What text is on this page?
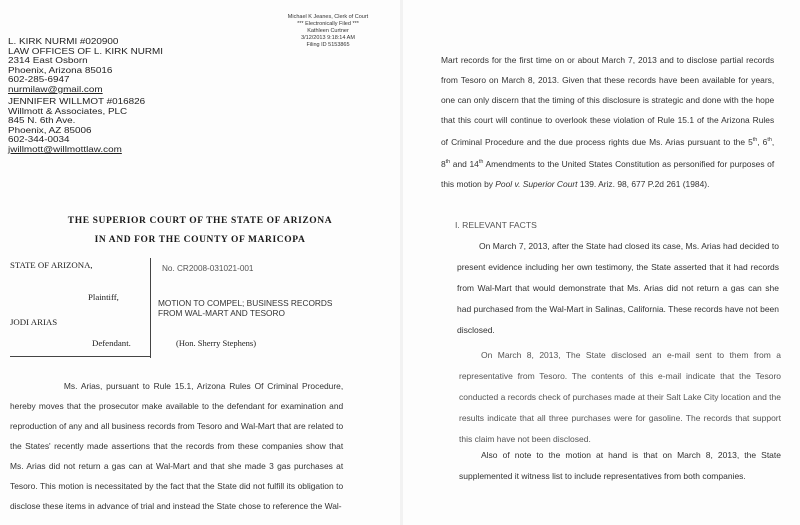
Michael K Jeanes, Clerk of Court
*** Electronically Filed ***
Kathleen Curtner
3/12/2013 9:18:14 AM
Filing ID 5153865
L. KIRK NURMI #020900
LAW OFFICES OF L. KIRK NURMI
2314 East Osborn
Phoenix, Arizona 85016
602-285-6947
nurmilaw@gmail.com
JENNIFER WILLMOT #016826
Willmott & Associates, PLC
845 N. 6th Ave.
Phoenix, AZ 85006
602-344-0034
jwillmott@willmottlaw.com
THE SUPERIOR COURT OF THE STATE OF ARIZONA
IN AND FOR THE COUNTY OF MARICOPA
STATE OF ARIZONA,
Plaintiff,
JODI ARIAS
Defendant.
No. CR2008-031021-001
MOTION TO COMPEL; BUSINESS RECORDS FROM WAL-MART AND TESORO
(Hon. Sherry Stephens)

Ms. Arias, pursuant to Rule 15.1, Arizona Rules Of Criminal Procedure, hereby moves that the prosecutor make available to the defendant for examination and reproduction of any and all business records from Tesoro and Wal-Mart that are related to the States' recently made assertions that the records from these companies show that Ms. Arias did not return a gas can at Wal-Mart and that she made 3 gas purchases at Tesoro. This motion is necessitated by the fact that the State did not fulfill its obligation to disclose these items in advance of trial and instead the State chose to reference the Wal-

Mart records for the first time on or about March 7, 2013 and to disclose partial records from Tesoro on March 8, 2013. Given that these records have been available for years, one can only discern that the timing of this disclosure is strategic and done with the hope that this court will continue to overlook these violation of Rule 15.1 of the Arizona Rules of Criminal Procedure and the due process rights due Ms. Arias pursuant to the 5th, 6th, 8th and 14th Amendments to the United States Constitution as personified for purposes of this motion by Pool v. Superior Court 139. Ariz. 98, 677 P.2d 261 (1984).

I. RELEVANT FACTS
On March 7, 2013, after the State had closed its case, Ms. Arias had decided to present evidence including her own testimony, the State asserted that it had records from Wal-Mart that would demonstrate that Ms. Arias did not return a gas can she had purchased from the Wal-Mart in Salinas, California. These records have not been disclosed.
On March 8, 2013, The State disclosed an e-mail sent to them from a representative from Tesoro. The contents of this e-mail indicate that the Tesoro conducted a records check of purchases made at their Salt Lake City location and the results indicate that all three purchases were for gasoline. The records that support this claim have not been disclosed.
Also of note to the motion at hand is that on March 8, 2013, the State supplemented it witness list to include representatives from both companies.
